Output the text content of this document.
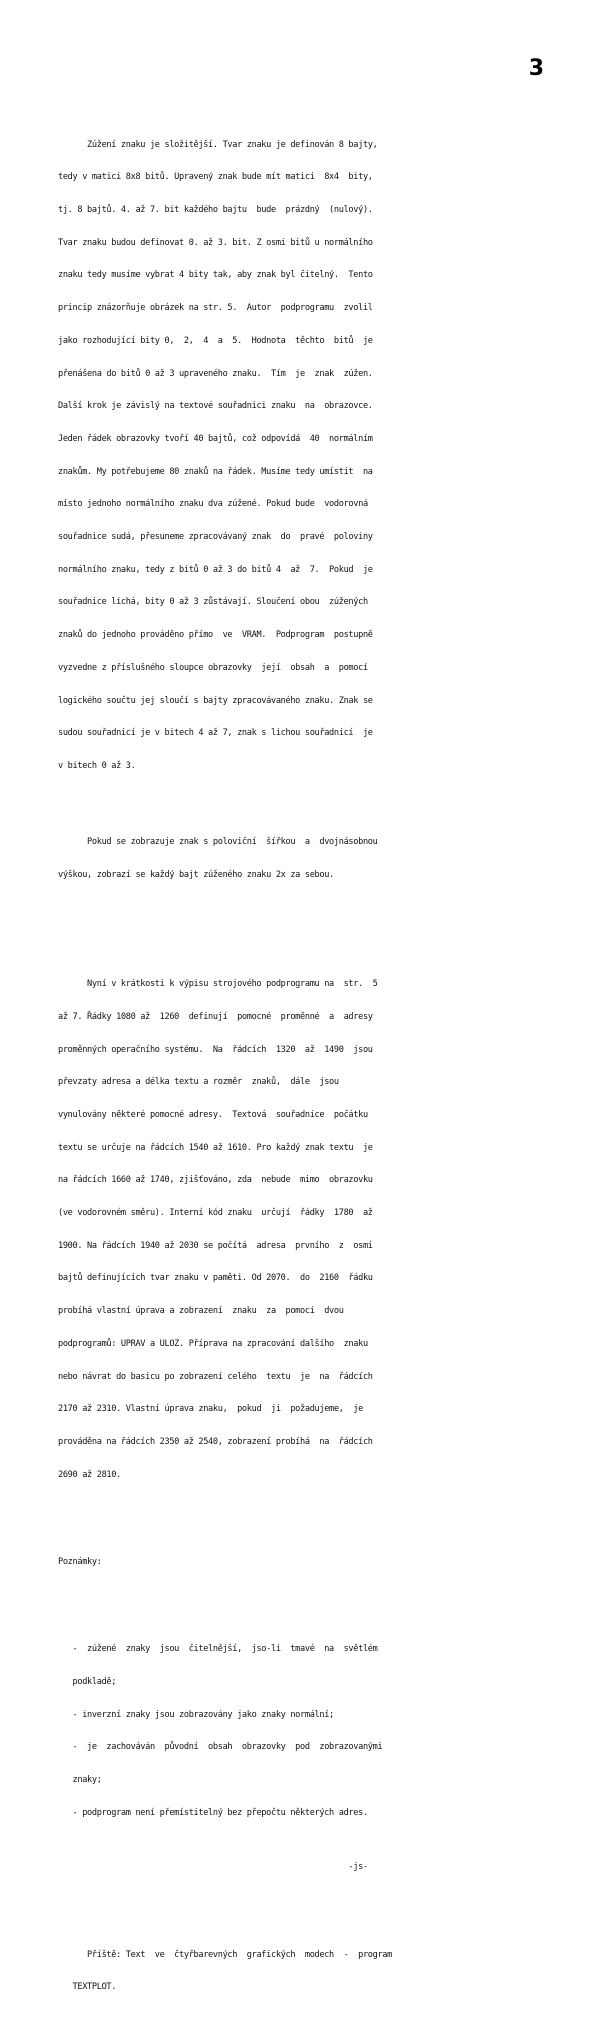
3

Zúžení znaku je složitější. Tvar znaku je definován 8 bajty,

tedy v matici 8x8 bitů. Upravený znak bude mít matici  8x4  bity,

tj. 8 bajtů. 4. až 7. bit každého bajtu  bude  prázdný  (nulový).

Tvar znaku budou definovat 0. až 3. bit. Z osmi bitů u normálního

znaku tedy musíme vybrat 4 bity tak, aby znak byl čitelný.  Tento

princip znázorňuje obrázek na str. 5.  Autor  podprogramu  zvolil

jako rozhodující bity 0,  2,  4  a  5.  Hodnota  těchto  bitů  je

přenášena do bitů 0 až 3 upraveného znaku.  Tím  je  znak  zúžen.

Další krok je závislý na textové souřadnici znaku  na  obrazovce.

Jeden řádek obrazovky tvoří 40 bajtů, což odpovídá  40  normálním

znakům. My potřebujeme 80 znaků na řádek. Musíme tedy umístit  na

místo jednoho normálního znaku dva zúžené. Pokud bude  vodorovná

souřadnice sudá, přesuneme zpracovávaný znak  do  pravé  poloviny

normálního znaku, tedy z bitů 0 až 3 do bitů 4  až  7.  Pokud  je

souřadnice lichá, bity 0 až 3 zůstávají. Sloučení obou  zúžených

znaků do jednoho prováděno přímo  ve  VRAM.  Podprogram  postupně

vyzvedne z příslušného sloupce obrazovky  její  obsah  a  pomocí

logického součtu jej sloučí s bajty zpracovávaného znaku. Znak se

sudou souřadnicí je v bitech 4 až 7, znak s lichou souřadnicí  je

v bitech 0 až 3.

Pokud se zobrazuje znak s poloviční  šířkou  a  dvojnásobnou

výškou, zobrazí se každý bajt zúženého znaku 2x za sebou.

Nyní v krátkosti k výpisu strojového podprogramu na  str.  5

až 7. Řádky 1080 až  1260  definují  pomocné  proměnné  a  adresy

proměnných operačního systému.  Na  řádcích  1320  až  1490  jsou

převzaty adresa a délka textu a rozměr  znaků,  dále  jsou

vynulovány některé pomocné adresy.  Textová  souřadnice  počátku

textu se určuje na řádcích 1540 až 1610. Pro každý znak textu  je

na řádcích 1660 až 1740, zjišťováno, zda  nebude  mimo  obrazovku

(ve vodorovném směru). Interní kód znaku  určují  řádky  1780  až

1900. Na řádcích 1940 až 2030 se počítá  adresa  prvního  z  osmi

bajtů definujících tvar znaku v paměti. Od 2070.  do  2160  řádku

probíhá vlastní úprava a zobrazení  znaku  za  pomoci  dvou

podprogramů: UPRAV a ULOZ. Příprava na zpracování dalšího  znaku

nebo návrat do basicu po zobrazení celého  textu  je  na  řádcích

2170 až 2310. Vlastní úprava znaku,  pokud  ji  požadujeme,  je

prováděna na řádcích 2350 až 2540, zobrazení probíhá  na  řádcích

2690 až 2810.

Poznámky:

-  zúžené  znaky  jsou  čitelnější,  jso-li  tmavé  na  světlém

podkladě;

- inverzní znaky jsou zobrazovány jako znaky normální;

-  je  zachováván  původní  obsah  obrazovky  pod  zobrazovanými

znaky;

- podprogram není přemístitelný bez přepočtu některých adres.

-js-

Příště: Text  ve  čtyřbarevných  grafických  modech  -  program

TEXTPLOT.
